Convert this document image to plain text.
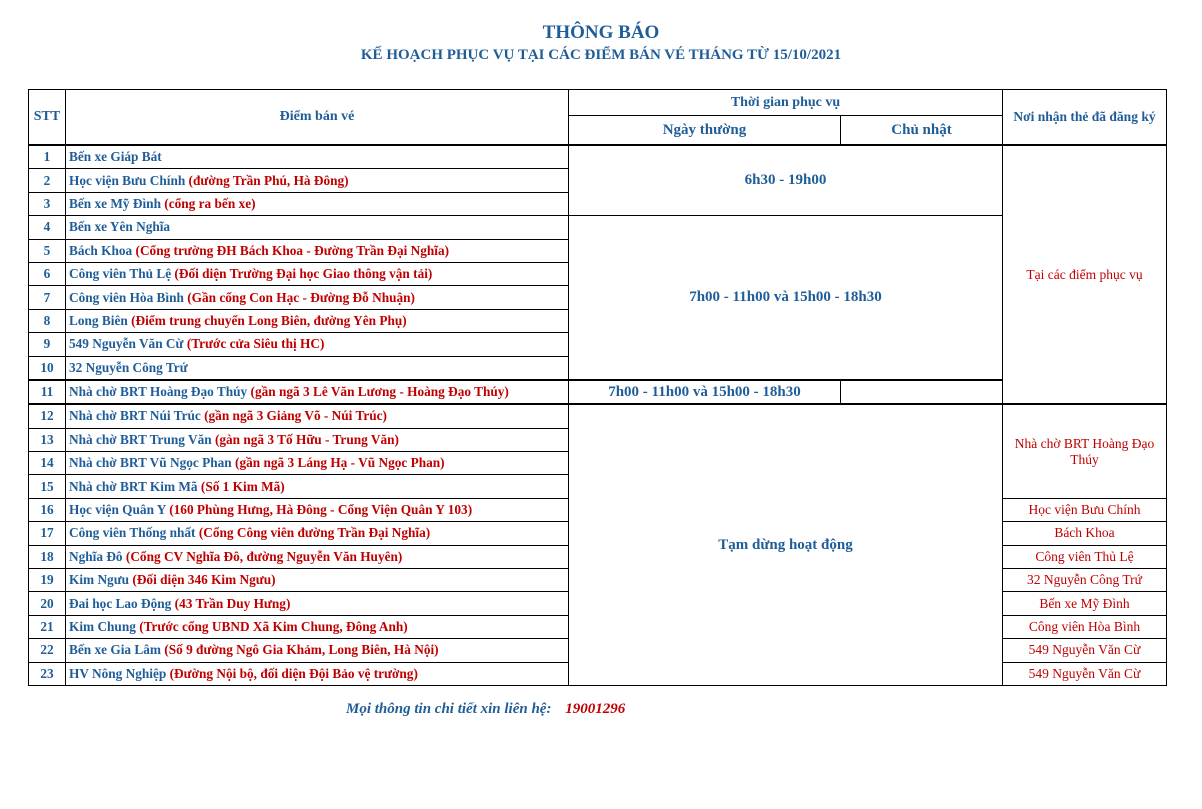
THÔNG BÁO
KẾ HOẠCH PHỤC VỤ TẠI CÁC ĐIỂM BÁN VÉ THÁNG TỪ 15/10/2021
STT	Điểm bán vé	Thời gian phục vụ		Nơi nhận thẻ đã đăng ký
		Ngày thường	Chủ nhật	
1	Bến xe Giáp Bát	6h30 - 19h00		Tại các điểm phục vụ
2	Học viện Bưu Chính (đường Trần Phú, Hà Đông)			
3	Bến xe Mỹ Đình (cổng ra bến xe)			
4	Bến xe Yên Nghĩa	7h00 - 11h00 và 15h00 - 18h30		
5	Bách Khoa (Cổng trường ĐH Bách Khoa - Đường Trần Đại Nghĩa)			
6	Công viên Thủ Lệ (Đối diện Trường Đại học Giao thông vận tải)			
7	Công viên Hòa Bình (Gần cổng Con Hạc - Đường Đỗ Nhuận)			
8	Long Biên (Điểm trung chuyển Long Biên, đường Yên Phụ)			
9	549 Nguyễn Văn Cừ (Trước cửa Siêu thị HC)			
10	32 Nguyễn Công Trứ			
11	Nhà chờ BRT Hoàng Đạo Thúy (gần ngã 3 Lê Văn Lương - Hoàng Đạo Thúy)	7h00 - 11h00 và 15h00 - 18h30		
12	Nhà chờ BRT Núi Trúc (gần ngã 3 Giảng Võ - Núi Trúc)	Tạm dừng hoạt động		Nhà chờ BRT Hoàng Đạo Thúy
13	Nhà chờ BRT Trung Văn (gàn ngã 3 Tố Hữu - Trung Văn)			
14	Nhà chờ BRT Vũ Ngọc Phan (gần ngã 3 Láng Hạ - Vũ Ngọc Phan)			
15	Nhà chờ BRT Kim Mã (Số 1 Kim Mã)			
16	Học viện Quân Y (160 Phùng Hưng, Hà Đông - Cổng Viện Quân Y 103)			Học viện Bưu Chính
17	Công viên Thống nhất (Cổng Công viên đường Trần Đại Nghĩa)			Bách Khoa
18	Nghĩa Đô (Cổng CV Nghĩa Đô, đường Nguyễn Văn Huyên)			Công viên Thủ Lệ
19	Kim Ngưu (Đối diện 346 Kim Ngưu)			32 Nguyễn Công Trứ
20	Đai học Lao Động (43 Trần Duy Hưng)			Bến xe Mỹ Đình
21	Kim Chung (Trước cổng UBND Xã Kim Chung, Đông Anh)			Công viên Hòa Bình
22	Bến xe Gia Lâm (Số 9 đường Ngô Gia Khảm, Long Biên, Hà Nội)			549 Nguyễn Văn Cừ
23	HV Nông Nghiệp (Đường Nội bộ, đối diện Đội Bảo vệ trường)			549 Nguyễn Văn Cừ
Mọi thông tin chi tiết xin liên hệ: 19001296
